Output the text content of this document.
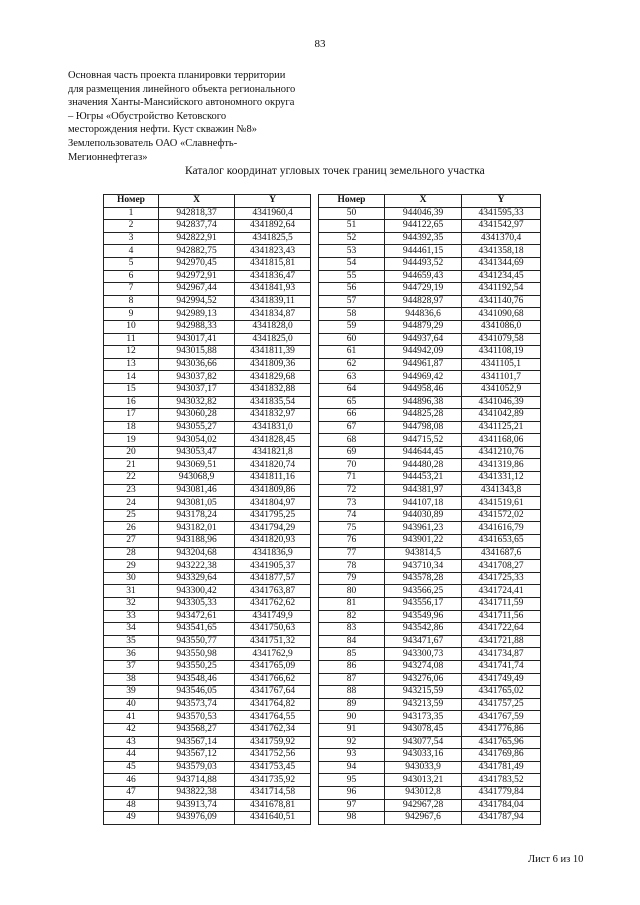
83
Основная часть проекта планировки территории
для размещения линейного объекта регионального
значения Ханты-Мансийского автономного округа
– Югры «Обустройство Кетовского
месторождения нефти. Куст скважин №8»
Землепользователь ОАО «Славнефть-
Мегионнефтегаз»
Каталог координат угловых точек границ земельного участка
Номер	X	Y
1	942818,37	4341960,4
2	942837,74	4341892,64
3	942822,91	4341825,5
4	942882,75	4341823,43
5	942970,45	4341815,81
6	942972,91	4341836,47
7	942967,44	4341841,93
8	942994,52	4341839,11
9	942989,13	4341834,87
10	942988,33	4341828,0
11	943017,41	4341825,0
12	943015,88	4341811,39
13	943036,66	4341809,36
14	943037,82	4341829,68
15	943037,17	4341832,88
16	943032,82	4341835,54
17	943060,28	4341832,97
18	943055,27	4341831,0
19	943054,02	4341828,45
20	943053,47	4341821,8
21	943069,51	4341820,74
22	943068,9	4341811,16
23	943081,46	4341809,86
24	943081,05	4341804,97
25	943178,24	4341795,25
26	943182,01	4341794,29
27	943188,96	4341820,93
28	943204,68	4341836,9
29	943222,38	4341905,37
30	943329,64	4341877,57
31	943300,42	4341763,87
32	943305,33	4341762,62
33	943472,61	4341749,9
34	943541,65	4341750,63
35	943550,77	4341751,32
36	943550,98	4341762,9
37	943550,25	4341765,09
38	943548,46	4341766,62
39	943546,05	4341767,64
40	943573,74	4341764,82
41	943570,53	4341764,55
42	943568,27	4341762,34
43	943567,14	4341759,92
44	943567,12	4341752,56
45	943579,03	4341753,45
46	943714,88	4341735,92
47	943822,38	4341714,58
48	943913,74	4341678,81
49	943976,09	4341640,51
Номер	X	Y
50	944046,39	4341595,33
51	944122,65	4341542,97
52	944392,35	4341370,4
53	944461,15	4341358,18
54	944493,52	4341344,69
55	944659,43	4341234,45
56	944729,19	4341192,54
57	944828,97	4341140,76
58	944836,6	4341090,68
59	944879,29	4341086,0
60	944937,64	4341079,58
61	944942,09	4341108,19
62	944961,87	4341105,1
63	944969,42	4341101,7
64	944958,46	4341052,9
65	944896,38	4341046,39
66	944825,28	4341042,89
67	944798,08	4341125,21
68	944715,52	4341168,06
69	944644,45	4341210,76
70	944480,28	4341319,86
71	944453,21	4341331,12
72	944381,97	4341343,8
73	944107,18	4341519,61
74	944030,89	4341572,02
75	943961,23	4341616,79
76	943901,22	4341653,65
77	943814,5	4341687,6
78	943710,34	4341708,27
79	943578,28	4341725,33
80	943566,25	4341724,41
81	943556,17	4341711,59
82	943549,96	4341711,56
83	943542,86	4341722,64
84	943471,67	4341721,88
85	943300,73	4341734,87
86	943274,08	4341741,74
87	943276,06	4341749,49
88	943215,59	4341765,02
89	943213,59	4341757,25
90	943173,35	4341767,59
91	943078,45	4341776,86
92	943077,54	4341765,96
93	943033,16	4341769,86
94	943033,9	4341781,49
95	943013,21	4341783,52
96	943012,8	4341779,84
97	942967,28	4341784,04
98	942967,6	4341787,94
Лист 6 из 10
